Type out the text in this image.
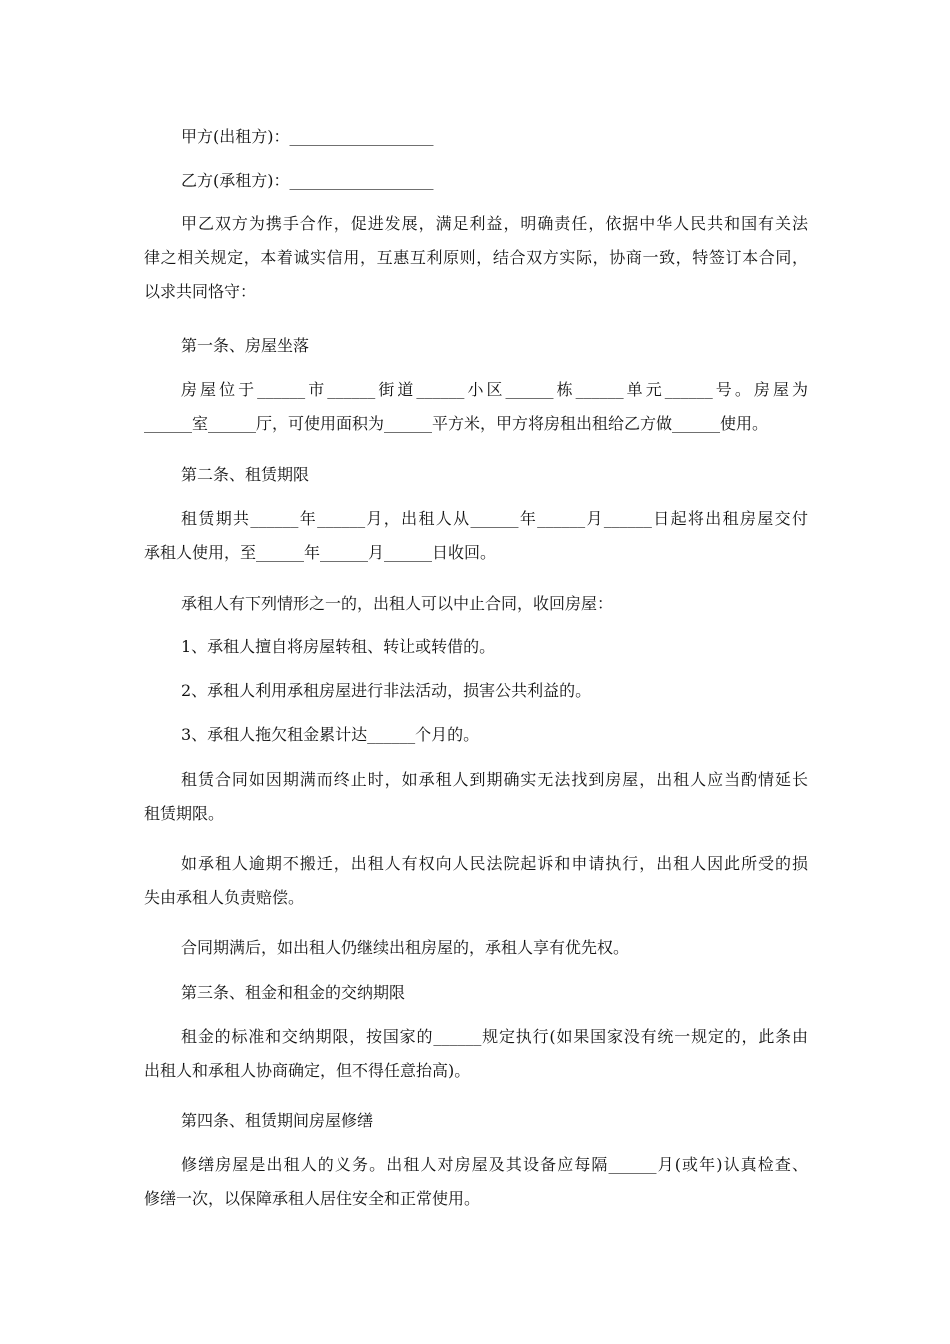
甲方(出租方)：__________________

乙方(承租方)：__________________

甲乙双方为携手合作，促进发展，满足利益，明确责任，依据中华人民共和国有关法
律之相关规定，本着诚实信用，互惠互利原则，结合双方实际，协商一致，特签订本合同，
以求共同恪守：

第一条、房屋坐落

房屋位于______市______街道______小区______栋______单元______号。房屋为
______室______厅，可使用面积为______平方米，甲方将房租出租给乙方做______使用。

第二条、租赁期限

租赁期共______年______月，出租人从______年______月______日起将出租房屋交付
承租人使用，至______年______月______日收回。

承租人有下列情形之一的，出租人可以中止合同，收回房屋：

1、承租人擅自将房屋转租、转让或转借的。

2、承租人利用承租房屋进行非法活动，损害公共利益的。

3、承租人拖欠租金累计达______个月的。

租赁合同如因期满而终止时，如承租人到期确实无法找到房屋，出租人应当酌情延长
租赁期限。

如承租人逾期不搬迁，出租人有权向人民法院起诉和申请执行，出租人因此所受的损
失由承租人负责赔偿。

合同期满后，如出租人仍继续出租房屋的，承租人享有优先权。

第三条、租金和租金的交纳期限

租金的标准和交纳期限，按国家的______规定执行(如果国家没有统一规定的，此条由
出租人和承租人协商确定，但不得任意抬高)。

第四条、租赁期间房屋修缮

修缮房屋是出租人的义务。出租人对房屋及其设备应每隔______月(或年)认真检查、
修缮一次，以保障承租人居住安全和正常使用。
